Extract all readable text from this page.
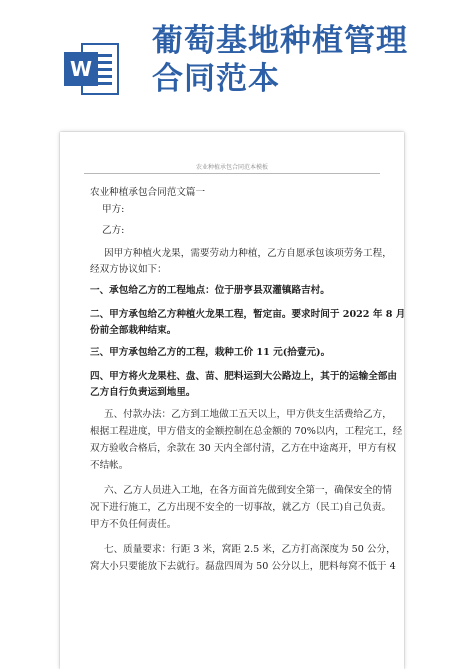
W
葡萄基地种植管理
合同范本
农业种植承包合同范本模板
农业种植承包合同范文篇一
甲方:
乙方:
因甲方种植火龙果，需要劳动力种植，乙方自愿承包该项劳务工程，
经双方协议如下：
一、承包给乙方的工程地点：位于册亨县双灌镇路吉村。
二、甲方承包给乙方种植火龙果工程，暂定亩。要求时间于 2022 年 8 月
份前全部栽种结束。
三、甲方承包给乙方的工程，栽种工价 11 元(拾壹元)。
四、甲方将火龙果柱、盘、苗、肥料运到大公路边上，其于的运输全部由
乙方自行负责运到地里。
五、付款办法：乙方到工地做工五天以上，甲方供支生活费给乙方，
根据工程进度，甲方借支的金额控制在总金额的 70%以内，工程完工，经
双方验收合格后，余款在 30 天内全部付清，乙方在中途离开，甲方有权
不结帐。
六、乙方人员进入工地，在各方面首先做到安全第一，确保安全的情
况下进行施工，乙方出现不安全的一切事故，就乙方（民工)自己负责。
甲方不负任何责任。
七、质量要求：行距 3 米，窝距 2.5 米，乙方打高深度为 50 公分，
窝大小只要能放下去就行。磊盘四周为 50 公分以上，肥料每窝不低于 4
